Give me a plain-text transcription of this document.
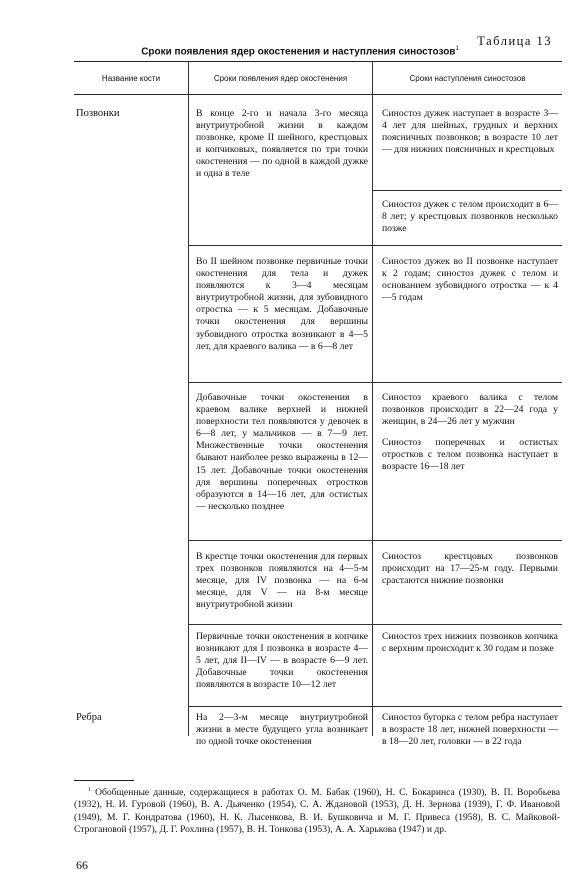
Таблица 13
Сроки появления ядер окостенения и наступления синостозов$^1$
Название кости	Сроки появления ядер окостенения	Сроки наступления синостозов
Позвонки
Ребра
В конце 2-го и начала 3-го месяца внутриутробной жизни в каждом позвонке, кроме II шейного, крестцовых и копчиковых, появляется по три точки окостенения — по одной в каждой дужке и одна в теле
Во II шейном позвонке первичные точки окостенения для тела и дужек появляются к 3—4 месяцам внутриутробной жизни, для зубовидного отростка — к 5 месяцам. Добавочные точки окостенения для вершины зубовидного отростка возникают в 4—5 лет, для краевого валика — в 6—8 лет
Добавочные точки окостенения в краевом валике верхней и нижней поверхности тел появляются у девочек в 6—8 лет, у мальчиков — в 7—9 лет. Множественные точки окостенения бывают наиболее резко выражены в 12—15 лет. Добавочные точки окостенения для вершины поперечных отростков образуются в 14—16 лет, для остистых — несколько позднее
В крестце точки окостенения для первых трех позвонков появляются на 4—5-м месяце, для IV позвонка — на 6-м месяце, для V — на 8-м месяце внутриутробной жизни
Первичные точки окостенения в копчике возникают для I позвонка в возрасте 4—5 лет, для II—IV — в возрасте 6—9 лет. Добавочные точки окостенения появляются в возрасте 10—12 лет
На 2—3-м месяце внутриутробной жизни в месте будущего угла возникает по одной точке окостенения
Синостоз дужек наступает в возрасте 3—4 лет для шейных, грудных и верхних поясничных позвонков; в возрасте 10 лет — для нижних поясничных и крестцовых
Синостоз дужек с телом происходит в 6—8 лет; у крестцовых позвонков несколько позже
Синостоз дужек во II позвонке наступает к 2 годам; синостоз дужек с телом и основанием зубовидного отростка — к 4—5 годам
Синостоз краевого валика с телом позвонков происходит в 22—24 года у женщин, в 24—26 лет у мужчин
Синостоз поперечных и остистых отростков с телом позвонка наступает в возрасте 16—18 лет
Синостоз крестцовых позвонков происходит на 17—25-м году. Первыми срастаются нижние позвонки
Синостоз трех нижних позвонков копчика с верхним происходит к 30 годам и позже
Синостоз бугорка с телом ребра наступает в возрасте 18 лет, нижней поверхности — в 18—20 лет, головки — в 22 года
$^1$ Обобщенные данные, содержащиеся в работах О. М. Бабак (1960), Н. С. Бокаринса (1930), В. П. Воробьева (1932), Н. И. Гуровой (1960), В. А. Дьяченко (1954), С. А. Ждановой (1953), Д. Н. Зернова (1939), Г. Ф. Ивановой (1949), М. Г. Кондратова (1960), Н. К. Лысенкова, В. И. Бушковича и М. Г. Привеса (1958), В. С. Майковой-Строгановой (1957), Д. Г. Рохлина (1957), В. Н. Тонкова (1953), А. А. Харькова (1947) и др.
66
